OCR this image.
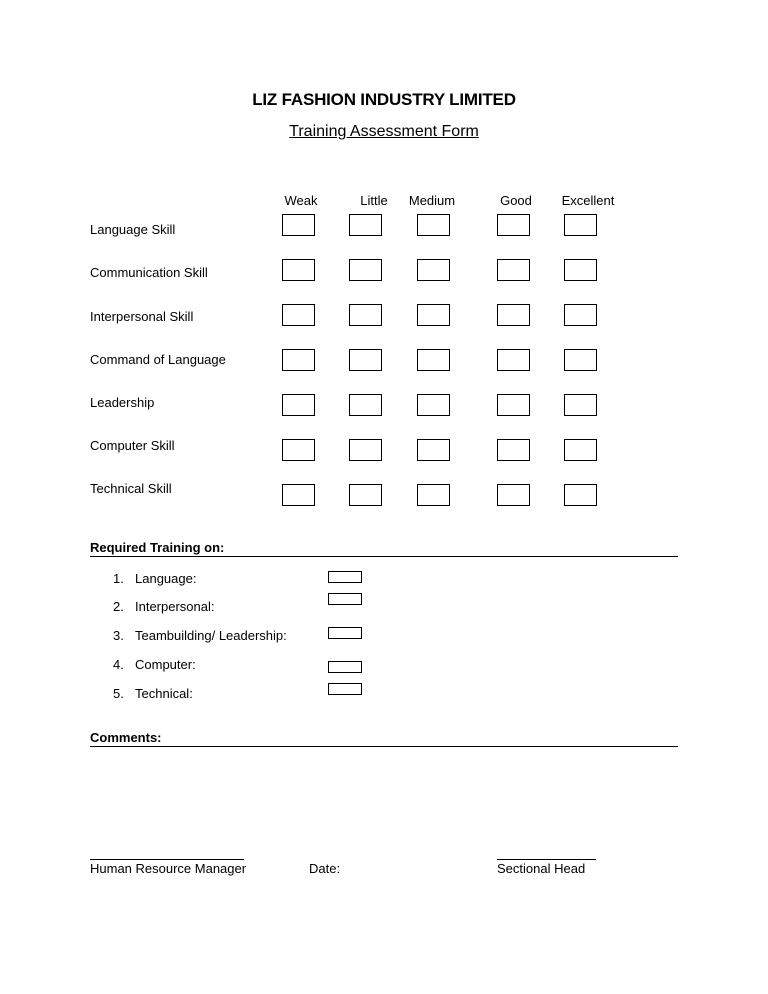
LIZ FASHION INDUSTRY LIMITED
Training Assessment Form
Weak	Little	Medium	Good	Excellent
Language Skill
Communication Skill
Interpersonal Skill
Command of Language
Leadership
Computer Skill
Technical Skill
Required Training on:
1. Language:
2. Interpersonal:
3. Teambuilding/ Leadership:
4. Computer:
5. Technical:
Comments:
Human Resource Manager	Date:	Sectional Head
